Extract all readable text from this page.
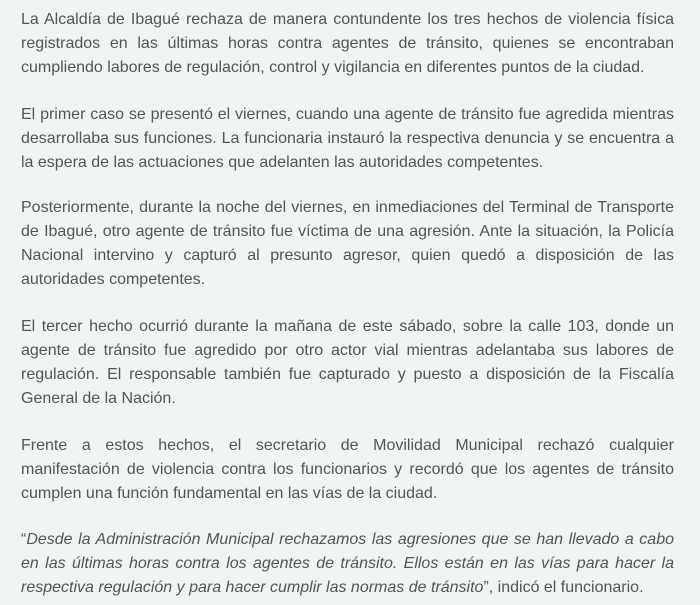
La Alcaldía de Ibagué rechaza de manera contundente los tres hechos de violencia física registrados en las últimas horas contra agentes de tránsito, quienes se encontraban cumpliendo labores de regulación, control y vigilancia en diferentes puntos de la ciudad.

El primer caso se presentó el viernes, cuando una agente de tránsito fue agredida mientras desarrollaba sus funciones. La funcionaria instauró la respectiva denuncia y se encuentra a la espera de las actuaciones que adelanten las autoridades competentes.

Posteriormente, durante la noche del viernes, en inmediaciones del Terminal de Transporte de Ibagué, otro agente de tránsito fue víctima de una agresión. Ante la situación, la Policía Nacional intervino y capturó al presunto agresor, quien quedó a disposición de las autoridades competentes.

El tercer hecho ocurrió durante la mañana de este sábado, sobre la calle 103, donde un agente de tránsito fue agredido por otro actor vial mientras adelantaba sus labores de regulación. El responsable también fue capturado y puesto a disposición de la Fiscalía General de la Nación.

Frente a estos hechos, el secretario de Movilidad Municipal rechazó cualquier manifestación de violencia contra los funcionarios y recordó que los agentes de tránsito cumplen una función fundamental en las vías de la ciudad.

“Desde la Administración Municipal rechazamos las agresiones que se han llevado a cabo en las últimas horas contra los agentes de tránsito. Ellos están en las vías para hacer la respectiva regulación y para hacer cumplir las normas de tránsito”, indicó el funcionario.
